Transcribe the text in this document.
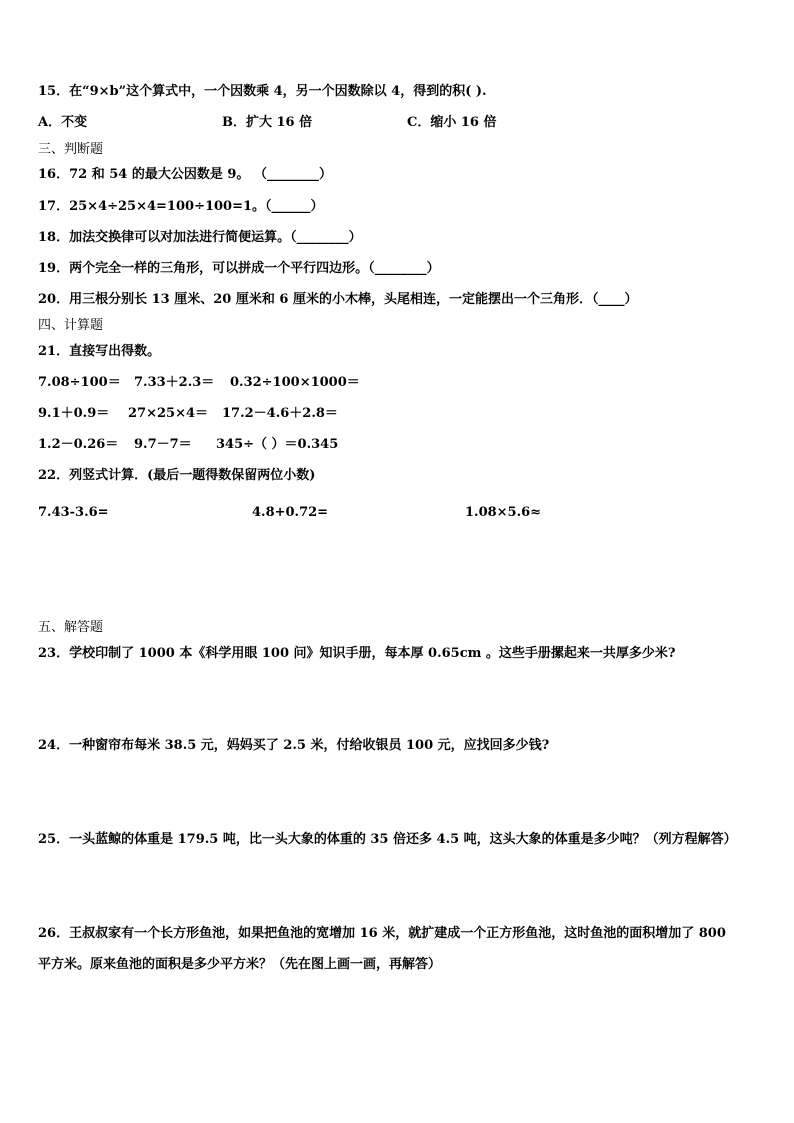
15．在“9×b”这个算式中，一个因数乘 4，另一个因数除以 4，得到的积( ).
A．不变	B．扩大 16 倍	C．缩小 16 倍
三、判断题
16．72 和 54 的最大公因数是 9。 （________）
17．25×4÷25×4=100÷100=1。（______）
18．加法交换律可以对加法进行简便运算。（________）
19．两个完全一样的三角形，可以拼成一个平行四边形。（________）
20．用三根分别长 13 厘米、20 厘米和 6 厘米的小木棒，头尾相连，一定能摆出一个三角形．（____）
四、计算题
21．直接写出得数。
7.08÷100＝ 7.33＋2.3＝ 0.32÷100×1000＝
9.1＋0.9＝ 27×25×4＝ 17.2－4.6＋2.8＝
1.2－0.26＝ 9.7－7＝ 345÷（ ）＝0.345
22．列竖式计算．(最后一题得数保留两位小数)
7.43-3.6=	4.8+0.72=	1.08×5.6≈
五、解答题
23．学校印制了 1000 本《科学用眼 100 问》知识手册，每本厚 0.65cm 。这些手册摞起来一共厚多少米?
24．一种窗帘布每米 38.5 元，妈妈买了 2.5 米，付给收银员 100 元，应找回多少钱?
25．一头蓝鲸的体重是 179.5 吨，比一头大象的体重的 35 倍还多 4.5 吨，这头大象的体重是多少吨？（列方程解答）
26．王叔叔家有一个长方形鱼池，如果把鱼池的宽增加 16 米，就扩建成一个正方形鱼池，这时鱼池的面积增加了 800
平方米。原来鱼池的面积是多少平方米？（先在图上画一画，再解答）
